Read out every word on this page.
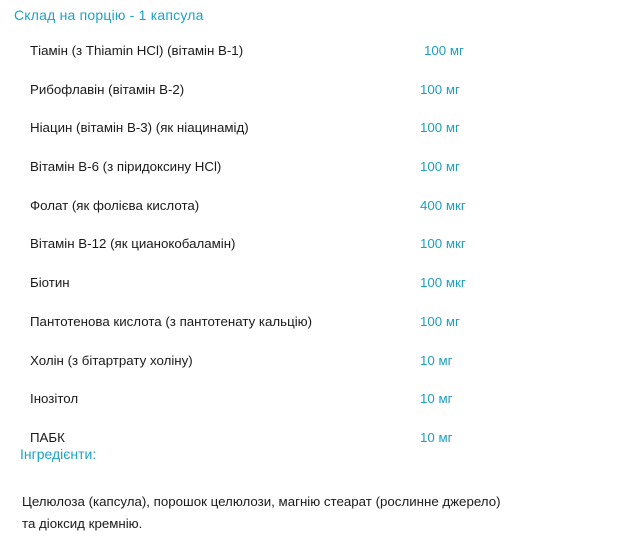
Склад на порцію - 1 капсула
Тіамін (з Thiamin HCl) (вітамін B-1)	100 мг
Рибофлавін (вітамін B-2)	100 мг
Ніацин (вітамін B-3) (як ніацинамід)	100 мг
Вітамін B-6 (з піридоксину HCl)	100 мг
Фолат (як фолієва кислота)	400 мкг
Вітамін B-12 (як цианокобаламін)	100 мкг
Біотин	100 мкг
Пантотенова кислота (з пантотенату кальцію)	100 мг
Холін (з бітартрату холіну)	10 мг
Інозітол	10 мг
ПАБК	10 мг
Інгредієнти:
Целюлоза (капсула), порошок целюлози, магнію стеарат (рослинне джерело)
та діоксид кремнію.
